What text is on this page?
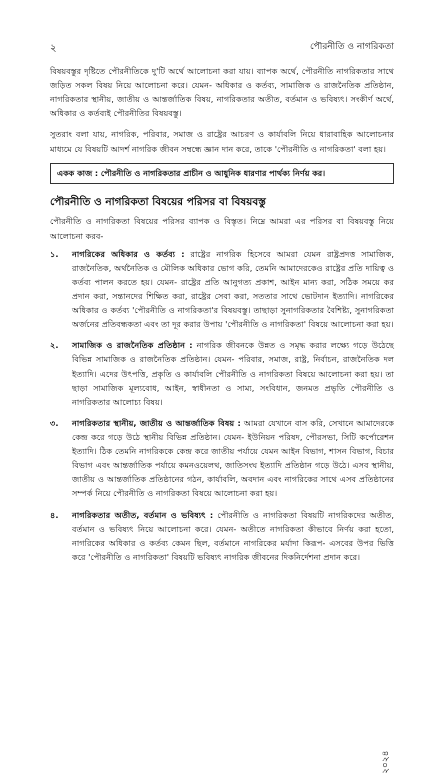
২	পৌরনীতি ও নাগরিকতা

বিষয়বস্তুর দৃষ্টিতে পৌরনীতিকে দু'টি অর্থে আলোচনা করা যায়। ব্যাপক অর্থে, পৌরনীতি নাগরিকতার সাথে জড়িত সকল বিষয় নিয়ে আলোচনা করে। যেমন- অধিকার ও কর্তব্য, সামাজিক ও রাজনৈতিক প্রতিষ্ঠান, নাগরিকতার স্থানীয়, জাতীয় ও আন্তর্জাতিক বিষয়, নাগরিকতার অতীত, বর্তমান ও ভবিষ্যৎ। সংকীর্ণ অর্থে, অধিকার ও কর্তব্যই পৌরনীতির বিষয়বস্তু।

সুতরাং বলা যায়, নাগরিক, পরিবার, সমাজ ও রাষ্ট্রের আচরণ ও কার্যাবলি নিয়ে ধারাবাহিক আলোচনার মাধ্যমে যে বিষয়টি আদর্শ নাগরিক জীবন সম্বন্ধে জ্ঞান দান করে, তাকে 'পৌরনীতি ও নাগরিকতা' বলা হয়।

একক কাজ : পৌরনীতি ও নাগরিকতার প্রাচীন ও আধুনিক ধারণার পার্থক্য নির্ণয় কর।
পৌরনীতি ও নাগরিকতা বিষয়ের পরিসর বা বিষয়বস্তু

পৌরনীতি ও নাগরিকতা বিষয়ের পরিসর ব্যাপক ও বিস্তৃত। নিম্নে আমরা এর পরিসর বা বিষয়বস্তু নিয়ে আলোচনা করব-

১. নাগরিকের অধিকার ও কর্তব্য : রাষ্ট্রের নাগরিক হিসেবে আমরা যেমন রাষ্ট্রপ্রদত্ত সামাজিক, রাজনৈতিক, অর্থনৈতিক ও মৌলিক অধিকার ভোগ করি, তেমনি আমাদেরকেও রাষ্ট্রের প্রতি দায়িত্ব ও কর্তব্য পালন করতে হয়। যেমন- রাষ্ট্রের প্রতি আনুগত্য প্রকাশ, আইন মান্য করা, সঠিক সময়ে কর প্রদান করা, সন্তানদের শিক্ষিত করা, রাষ্ট্রের সেবা করা, সততার সাথে ভোটদান ইত্যাদি। নাগরিকের অধিকার ও কর্তব্য 'পৌরনীতি ও নাগরিকতা'র বিষয়বস্তু। তাছাড়া সুনাগরিকতার বৈশিষ্ট্য, সুনাগরিকতা অর্জনের প্রতিবন্ধকতা এবং তা দূর করার উপায় 'পৌরনীতি ও নাগরিকতা' বিষয়ে আলোচনা করা হয়।
২. সামাজিক ও রাজনৈতিক প্রতিষ্ঠান : নাগরিক জীবনকে উন্নত ও সমৃদ্ধ করার লক্ষ্যে গড়ে উঠেছে বিভিন্ন সামাজিক ও রাজনৈতিক প্রতিষ্ঠান। যেমন- পরিবার, সমাজ, রাষ্ট্র, নির্বাচন, রাজনৈতিক দল ইত্যাদি। এদের উৎপত্তি, প্রকৃতি ও কার্যাবলি পৌরনীতি ও নাগরিকতা বিষয়ে আলোচনা করা হয়। তা ছাড়া সামাজিক মূল্যবোধ, আইন, স্বাধীনতা ও সাম্য, সংবিধান, জনমত প্রভৃতি পৌরনীতি ও নাগরিকতার আলোচ্য বিষয়।
৩. নাগরিকতার স্থানীয়, জাতীয় ও আন্তর্জাতিক বিষয় : আমরা যেখানে বাস করি, সেখানে আমাদেরকে কেন্দ্র করে গড়ে উঠে স্থানীয় বিভিন্ন প্রতিষ্ঠান। যেমন- ইউনিয়ন পরিষদ, পৌরসভা, সিটি কর্পোরেশন ইত্যাদি। ঠিক তেমনি নাগরিককে কেন্দ্র করে জাতীয় পর্যায়ে যেমন আইন বিভাগ, শাসন বিভাগ, বিচার বিভাগ এবং আন্তর্জাতিক পর্যায়ে কমনওয়েলথ, জাতিসংঘ ইত্যাদি প্রতিষ্ঠান গড়ে উঠে। এসব স্থানীয়, জাতীয় ও আন্তর্জাতিক প্রতিষ্ঠানের গঠন, কার্যাবলি, অবদান এবং নাগরিকের সাথে এসব প্রতিষ্ঠানের সম্পর্ক নিয়ে পৌরনীতি ও নাগরিকতা বিষয়ে আলোচনা করা হয়।
৪. নাগরিকতার অতীত, বর্তমান ও ভবিষ্যৎ : পৌরনীতি ও নাগরিকতা বিষয়টি নাগরিকদের অতীত, বর্তমান ও ভবিষ্যৎ নিয়ে আলোচনা করে। যেমন- অতীতে নাগরিকতা কীভাবে নির্ণয় করা হতো, নাগরিকের অধিকার ও কর্তব্য কেমন ছিল, বর্তমানে নাগরিকের মর্যাদা কিরূপ- এসবের উপর ভিত্তি করে 'পৌরনীতি ও নাগরিকতা' বিষয়টি ভবিষ্যৎ নাগরিক জীবনের দিকনির্দেশনা প্রদান করে।
২০২৪
